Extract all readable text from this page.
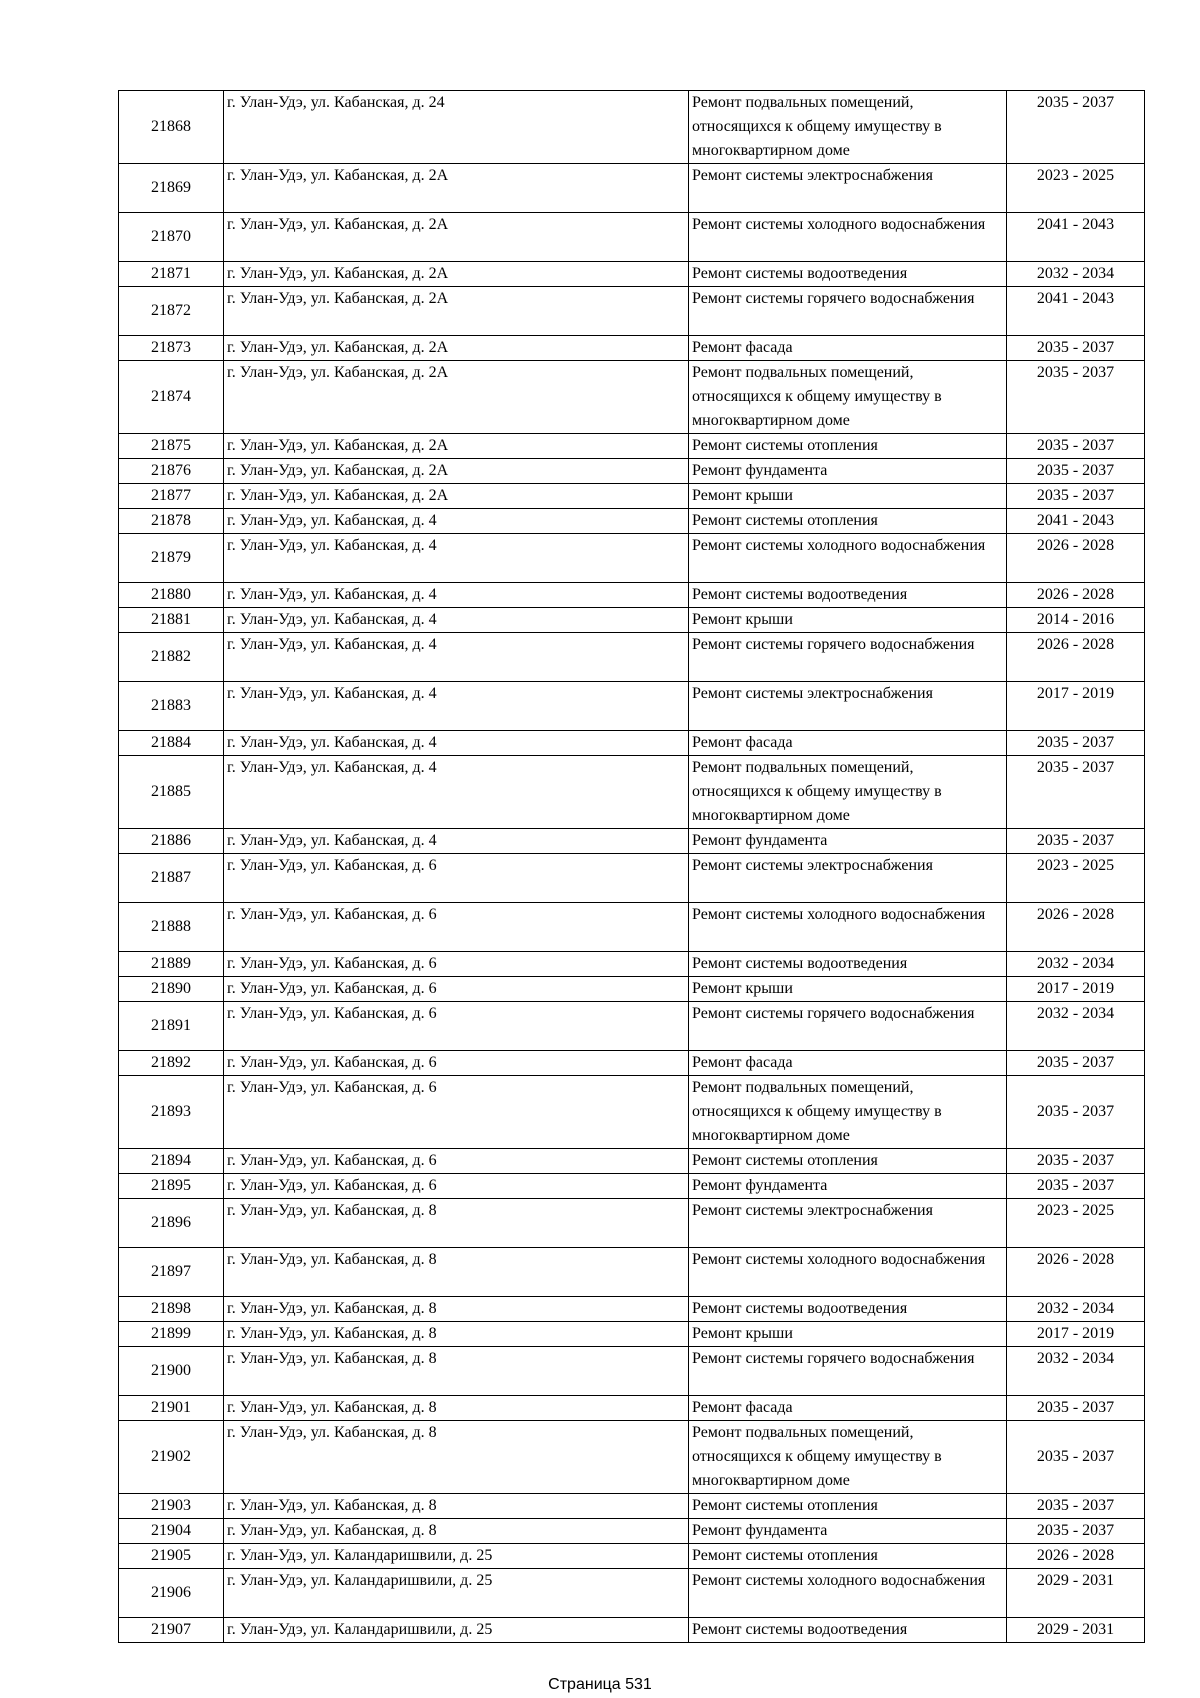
21868	г. Улан-Удэ, ул. Кабанская, д. 24	Ремонт подвальных помещений, относящихся к общему имуществу в многоквартирном доме	2035 - 2037
21869	г. Улан-Удэ, ул. Кабанская, д. 2А	Ремонт системы электроснабжения	2023 - 2025
21870	г. Улан-Удэ, ул. Кабанская, д. 2А	Ремонт системы холодного водоснабжения	2041 - 2043
21871	г. Улан-Удэ, ул. Кабанская, д. 2А	Ремонт системы водоотведения	2032 - 2034
21872	г. Улан-Удэ, ул. Кабанская, д. 2А	Ремонт системы горячего водоснабжения	2041 - 2043
21873	г. Улан-Удэ, ул. Кабанская, д. 2А	Ремонт фасада	2035 - 2037
21874	г. Улан-Удэ, ул. Кабанская, д. 2А	Ремонт подвальных помещений, относящихся к общему имуществу в многоквартирном доме	2035 - 2037
21875	г. Улан-Удэ, ул. Кабанская, д. 2А	Ремонт системы отопления	2035 - 2037
21876	г. Улан-Удэ, ул. Кабанская, д. 2А	Ремонт фундамента	2035 - 2037
21877	г. Улан-Удэ, ул. Кабанская, д. 2А	Ремонт крыши	2035 - 2037
21878	г. Улан-Удэ, ул. Кабанская, д. 4	Ремонт системы отопления	2041 - 2043
21879	г. Улан-Удэ, ул. Кабанская, д. 4	Ремонт системы холодного водоснабжения	2026 - 2028
21880	г. Улан-Удэ, ул. Кабанская, д. 4	Ремонт системы водоотведения	2026 - 2028
21881	г. Улан-Удэ, ул. Кабанская, д. 4	Ремонт крыши	2014 - 2016
21882	г. Улан-Удэ, ул. Кабанская, д. 4	Ремонт системы горячего водоснабжения	2026 - 2028
21883	г. Улан-Удэ, ул. Кабанская, д. 4	Ремонт системы электроснабжения	2017 - 2019
21884	г. Улан-Удэ, ул. Кабанская, д. 4	Ремонт фасада	2035 - 2037
21885	г. Улан-Удэ, ул. Кабанская, д. 4	Ремонт подвальных помещений, относящихся к общему имуществу в многоквартирном доме	2035 - 2037
21886	г. Улан-Удэ, ул. Кабанская, д. 4	Ремонт фундамента	2035 - 2037
21887	г. Улан-Удэ, ул. Кабанская, д. 6	Ремонт системы электроснабжения	2023 - 2025
21888	г. Улан-Удэ, ул. Кабанская, д. 6	Ремонт системы холодного водоснабжения	2026 - 2028
21889	г. Улан-Удэ, ул. Кабанская, д. 6	Ремонт системы водоотведения	2032 - 2034
21890	г. Улан-Удэ, ул. Кабанская, д. 6	Ремонт крыши	2017 - 2019
21891	г. Улан-Удэ, ул. Кабанская, д. 6	Ремонт системы горячего водоснабжения	2032 - 2034
21892	г. Улан-Удэ, ул. Кабанская, д. 6	Ремонт фасада	2035 - 2037
21893	г. Улан-Удэ, ул. Кабанская, д. 6	Ремонт подвальных помещений, относящихся к общему имуществу в многоквартирном доме	2035 - 2037
21894	г. Улан-Удэ, ул. Кабанская, д. 6	Ремонт системы отопления	2035 - 2037
21895	г. Улан-Удэ, ул. Кабанская, д. 6	Ремонт фундамента	2035 - 2037
21896	г. Улан-Удэ, ул. Кабанская, д. 8	Ремонт системы электроснабжения	2023 - 2025
21897	г. Улан-Удэ, ул. Кабанская, д. 8	Ремонт системы холодного водоснабжения	2026 - 2028
21898	г. Улан-Удэ, ул. Кабанская, д. 8	Ремонт системы водоотведения	2032 - 2034
21899	г. Улан-Удэ, ул. Кабанская, д. 8	Ремонт крыши	2017 - 2019
21900	г. Улан-Удэ, ул. Кабанская, д. 8	Ремонт системы горячего водоснабжения	2032 - 2034
21901	г. Улан-Удэ, ул. Кабанская, д. 8	Ремонт фасада	2035 - 2037
21902	г. Улан-Удэ, ул. Кабанская, д. 8	Ремонт подвальных помещений, относящихся к общему имуществу в многоквартирном доме	2035 - 2037
21903	г. Улан-Удэ, ул. Кабанская, д. 8	Ремонт системы отопления	2035 - 2037
21904	г. Улан-Удэ, ул. Кабанская, д. 8	Ремонт фундамента	2035 - 2037
21905	г. Улан-Удэ, ул. Каландаришвили, д. 25	Ремонт системы отопления	2026 - 2028
21906	г. Улан-Удэ, ул. Каландаришвили, д. 25	Ремонт системы холодного водоснабжения	2029 - 2031
21907	г. Улан-Удэ, ул. Каландаришвили, д. 25	Ремонт системы водоотведения	2029 - 2031
Страница 531
